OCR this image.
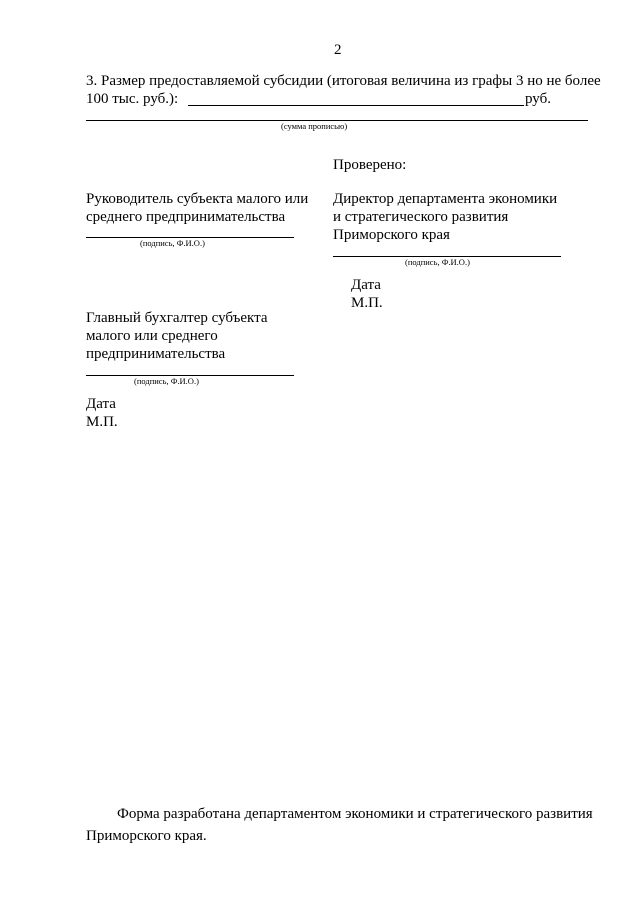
2
3. Размер предоставляемой субсидии (итоговая величина из графы 3 но не более
100 тыс. руб.):	руб.
(сумма прописью)
Проверено:
Директор департамента экономики
и стратегического развития
Приморского края
(подпись, Ф.И.О.)
Дата
М.П.
Руководитель субъекта малого или
среднего предпринимательства
(подпись, Ф.И.О.)
Главный бухгалтер субъекта
малого или среднего
предпринимательства
(подпись, Ф.И.О.)
Дата
М.П.
Форма разработана департаментом экономики и стратегического развития
Приморского края.
